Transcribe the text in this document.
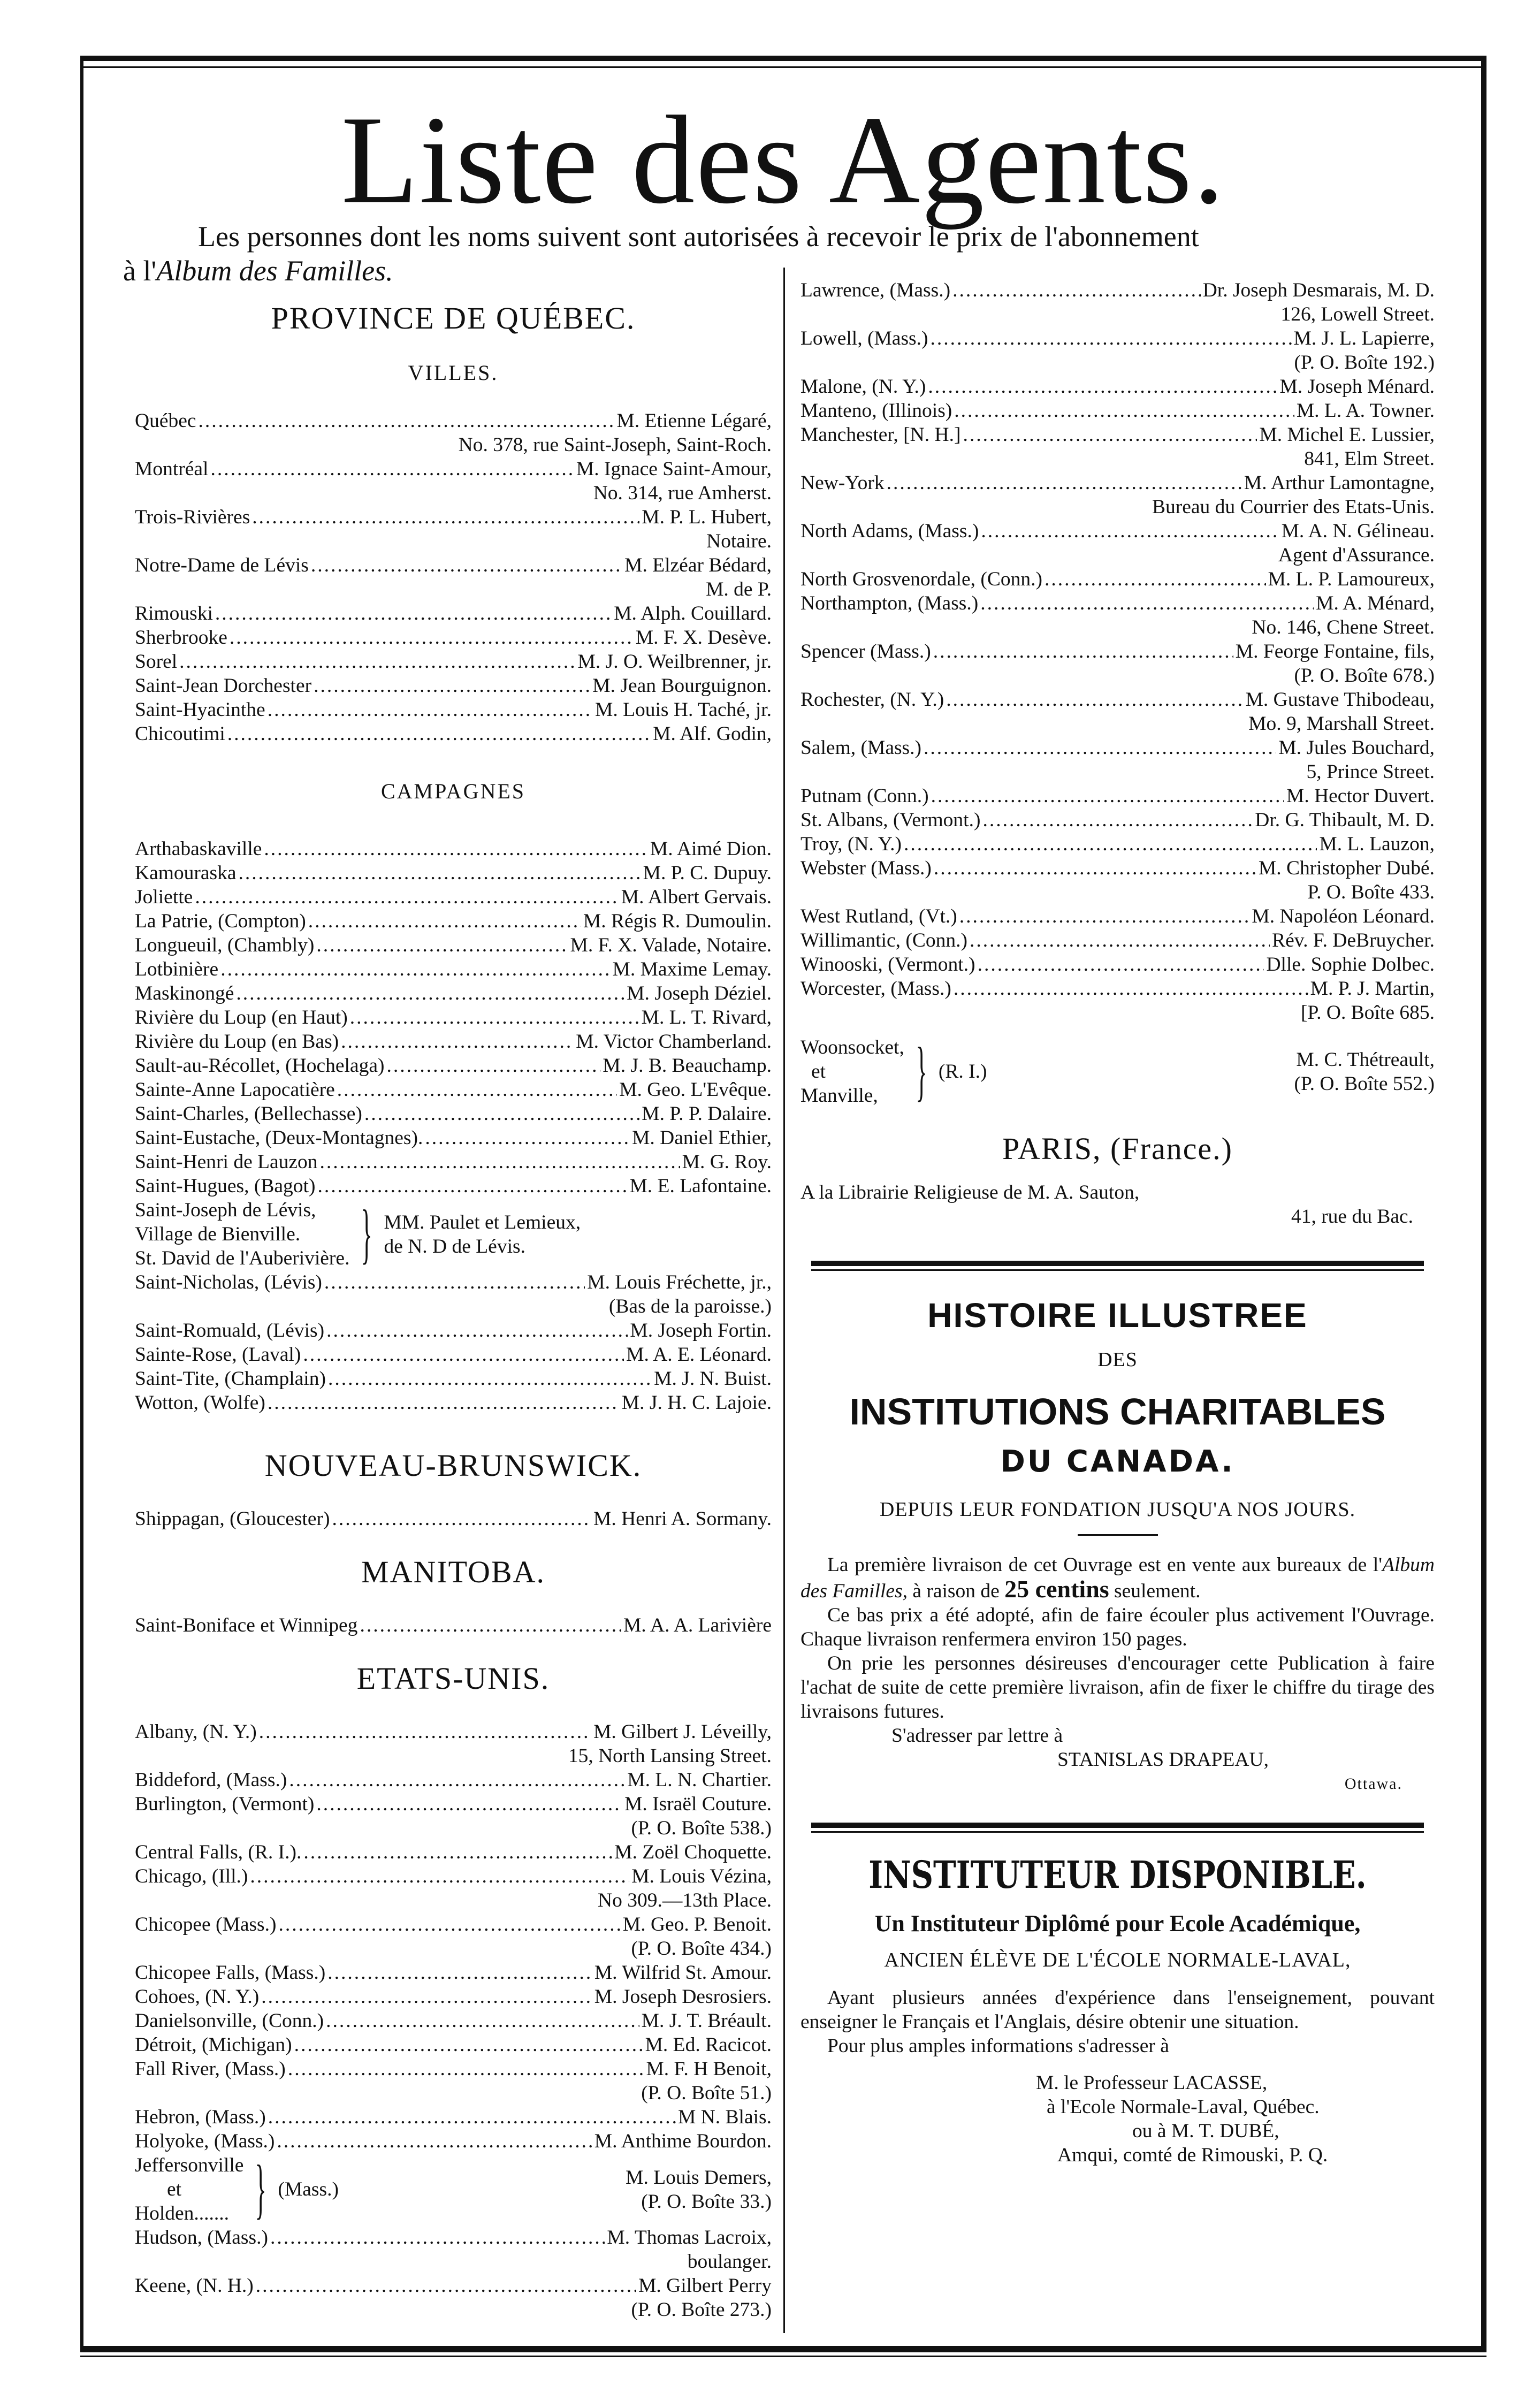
Liste des Agents.
Les personnes dont les noms suivent sont autorisées à recevoir le prix de l'abonnement
à l'Album des Familles.
PROVINCE DE QUÉBEC.
VILLES.
Québec .....	M. Etienne Légaré,
No. 378, rue Saint-Joseph, Saint-Roch.
Montréal .....	M. Ignace Saint-Amour,
No. 314, rue Amherst.
Trois-Rivières .....	M. P. L. Hubert,
Notaire.
Notre-Dame de Lévis .....	M. Elzéar Bédard,
M. de P.
Rimouski .....	M. Alph. Couillard.
Sherbrooke .....	M. F. X. Desève.
Sorel .....	M. J. O. Weilbrenner, jr.
Saint-Jean Dorchester .....	M. Jean Bourguignon.
Saint-Hyacinthe .....	M. Louis H. Taché, jr.
Chicoutimi .....	M. Alf. Godin,
CAMPAGNES
Arthabaskaville .....	M. Aimé Dion.
Kamouraska .....	M. P. C. Dupuy.
Joliette .....	M. Albert Gervais.
La Patrie, (Compton) .....	M. Régis R. Dumoulin.
Longueuil, (Chambly) .....	M. F. X. Valade, Notaire.
Lotbinière .....	M. Maxime Lemay.
Maskinongé .....	M. Joseph Déziel.
Rivière du Loup (en Haut) .....	M. L. T. Rivard,
Rivière du Loup (en Bas) .....	M. Victor Chamberland.
Sault-au-Récollet, (Hochelaga) .....	M. J. B. Beauchamp.
Sainte-Anne Lapocatière .....	M. Geo. L'Evêque.
Saint-Charles, (Bellechasse) .....	M. P. P. Dalaire.
Saint-Eustache, (Deux-Montagnes). .....	M. Daniel Ethier,
Saint-Henri de Lauzon .....	M. G. Roy.
Saint-Hugues, (Bagot) .....	M. E. Lafontaine.
Saint-Joseph de Lévis,
Village de Bienville.
St. David de l'Auberivière. } MM. Paulet et Lemieux,
de N. D de Lévis.
Saint-Nicholas, (Lévis) .....	M. Louis Fréchette, jr.,
(Bas de la paroisse.)
Saint-Romuald, (Lévis) .....	M. Joseph Fortin.
Sainte-Rose, (Laval) .....	M. A. E. Léonard.
Saint-Tite, (Champlain) .....	M. J. N. Buist.
Wotton, (Wolfe) .....	M. J. H. C. Lajoie.
NOUVEAU-BRUNSWICK.
Shippagan, (Gloucester) .....	M. Henri A. Sormany.
MANITOBA.
Saint-Boniface et Winnipeg .....	M. A. A. Larivière
ETATS-UNIS.
Albany, (N. Y.) .....	M. Gilbert J. Léveilly,
15, North Lansing Street.
Biddeford, (Mass.) .....	M. L. N. Chartier.
Burlington, (Vermont) .....	M. Israël Couture.
(P. O. Boîte 538.)
Central Falls, (R. I.). .....	M. Zoël Choquette.
Chicago, (Ill.) .....	M. Louis Vézina,
No 309.—13th Place.
Chicopee (Mass.) .....	M. Geo. P. Benoit.
(P. O. Boîte 434.)
Chicopee Falls, (Mass.) .....	M. Wilfrid St. Amour.
Cohoes, (N. Y.) .....	M. Joseph Desrosiers.
Danielsonville, (Conn.) .....	M. J. T. Bréault.
Détroit, (Michigan) .....	M. Ed. Racicot.
Fall River, (Mass.) .....	M. F. H Benoit,
(P. O. Boîte 51.)
Hebron, (Mass.) .....	M N. Blais.
Holyoke, (Mass.) .....	M. Anthime Bourdon.
Jeffersonville
et
Holden....... } (Mass.)
M. Louis Demers,
(P. O. Boîte 33.)
Hudson, (Mass.) .....	M. Thomas Lacroix,
boulanger.
Keene, (N. H.) .....	M. Gilbert Perry
(P. O. Boîte 273.)
Lawrence, (Mass.) .....	Dr. Joseph Desmarais, M. D.
126, Lowell Street.
Lowell, (Mass.) .....	M. J. L. Lapierre,
(P. O. Boîte 192.)
Malone, (N. Y.) .....	M. Joseph Ménard.
Manteno, (Illinois) .....	M. L. A. Towner.
Manchester, [N. H.] .....	M. Michel E. Lussier,
841, Elm Street.
New-York .....	M. Arthur Lamontagne,
Bureau du Courrier des Etats-Unis.
North Adams, (Mass.) .....	M. A. N. Gélineau.
Agent d'Assurance.
North Grosvenordale, (Conn.) .....	M. L. P. Lamoureux,
Northampton, (Mass.) .....	M. A. Ménard,
No. 146, Chene Street.
Spencer (Mass.) .....	M. Feorge Fontaine, fils,
(P. O. Boîte 678.)
Rochester, (N. Y.) .....	M. Gustave Thibodeau,
Mo. 9, Marshall Street.
Salem, (Mass.) .....	M. Jules Bouchard,
5, Prince Street.
Putnam (Conn.) .....	M. Hector Duvert.
St. Albans, (Vermont.) .....	Dr. G. Thibault, M. D.
Troy, (N. Y.) .....	M. L. Lauzon,
Webster (Mass.) .....	M. Christopher Dubé.
P. O. Boîte 433.
West Rutland, (Vt.) .....	M. Napoléon Léonard.
Willimantic, (Conn.) .....	Rév. F. DeBruycher.
Winooski, (Vermont.) .....	Dlle. Sophie Dolbec.
Worcester, (Mass.) .....	M. P. J. Martin,
[P. O. Boîte 685.
Woonsocket,
et
Manville, } (R. I.)
M. C. Thétreault,
(P. O. Boîte 552.)
PARIS, (France.)
A la Librairie Religieuse de M. A. Sauton,
41, rue du Bac.
HISTOIRE ILLUSTREE
DES
INSTITUTIONS CHARITABLES
DU CANADA.
DEPUIS LEUR FONDATION JUSQU'A NOS JOURS.
La première livraison de cet Ouvrage est en vente aux bureaux de l'Album des Familles, à raison de 25 centins seulement.
Ce bas prix a été adopté, afin de faire écouler plus activement l'Ouvrage. Chaque livraison renfermera environ 150 pages.
On prie les personnes désireuses d'encourager cette Publication à faire l'achat de suite de cette première livraison, afin de fixer le chiffre du tirage des livraisons futures.
S'adresser par lettre à
STANISLAS DRAPEAU,
Ottawa.
INSTITUTEUR DISPONIBLE.
Un Instituteur Diplômé pour Ecole Académique,
ANCIEN ÉLÈVE DE L'ÉCOLE NORMALE-LAVAL,
Ayant plusieurs années d'expérience dans l'enseignement, pouvant enseigner le Français et l'Anglais, désire obtenir une situation.
Pour plus amples informations s'adresser à
M. le Professeur LACASSE,
à l'Ecole Normale-Laval, Québec.
ou à M. T. DUBÉ,
Amqui, comté de Rimouski, P. Q.
